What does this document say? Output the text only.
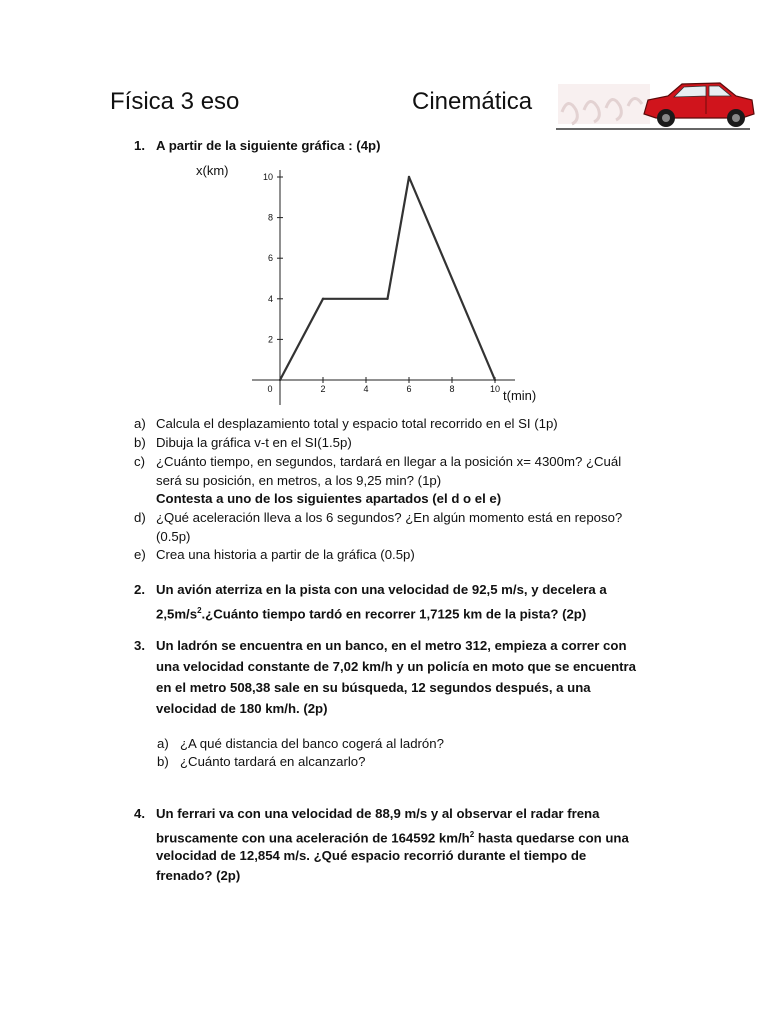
Física 3 eso	Cinemática
1. A partir de la siguiente gráfica : (4p)
0	2	4	6	8	10
2
4
6
8
10
x(km)
t(min)
a) Calcula el desplazamiento total y espacio total recorrido en el SI (1p)
b) Dibuja la gráfica v-t en el SI(1.5p)
c) ¿Cuánto tiempo, en segundos, tardará en llegar a la posición x= 4300m? ¿Cuál
será su posición, en metros, a los 9,25 min? (1p)
Contesta a uno de los siguientes apartados (el d o el e)
d) ¿Qué aceleración lleva a los 6 segundos? ¿En algún momento está en reposo?
(0.5p)
e) Crea una historia a partir de la gráfica (0.5p)
2. Un avión aterriza en la pista con una velocidad de 92,5 m/s, y decelera a
$2,5m/s^2.¿Cuánto$ tiempo tardó en recorrer 1,7125 km de la pista? (2p)
3. Un ladrón se encuentra en un banco, en el metro 312, empieza a correr con
una velocidad constante de 7,02 km/h y un policía en moto que se encuentra
en el metro 508,38 sale en su búsqueda, 12 segundos después, a una
velocidad de 180 km/h. (2p)
a) ¿A qué distancia del banco cogerá al ladrón?
b) ¿Cuánto tardará en alcanzarlo?
4. Un ferrari va con una velocidad de 88,9 m/s y al observar el radar frena
bruscamente con una aceleración de 164592 $km/h^2$ hasta quedarse con una
velocidad de 12,854 m/s. ¿Qué espacio recorrió durante el tiempo de
frenado? (2p)
